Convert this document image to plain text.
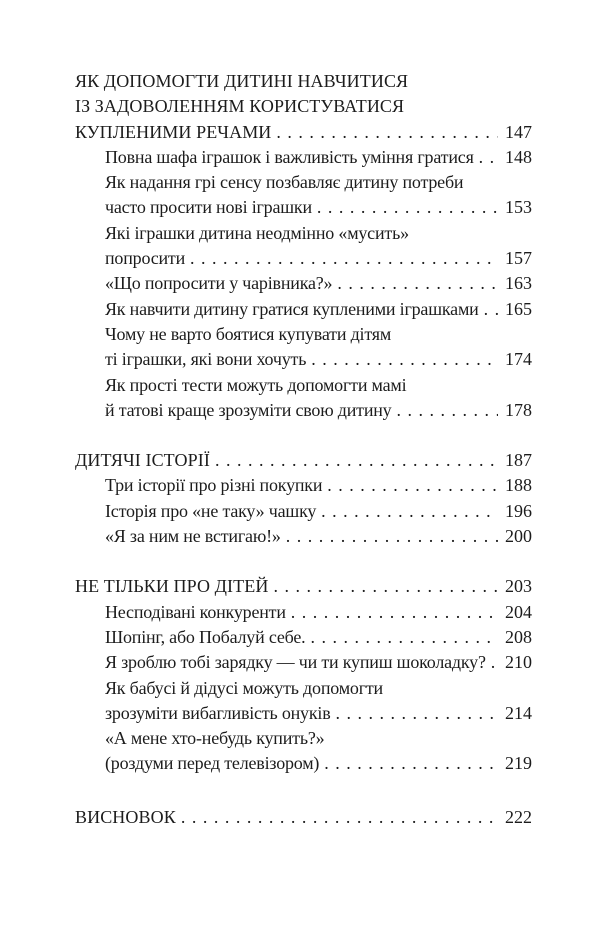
ЯК ДОПОМОГТИ ДИТИНІ НАВЧИТИСЯ
ІЗ ЗАДОВОЛЕННЯМ КОРИСТУВАТИСЯ
КУПЛЕНИМИ РЕЧАМИ . . .	147
Повна шафа іграшок і важливість уміння гратися . . . 148
Як надання грі сенсу позбавляє дитину потреби
часто просити нові іграшки . . .	153
Які іграшки дитина неодмінно «мусить»
попросити . . .	157
«Що попросити у чарівника?» . . .	163
Як навчити дитину гратися купленими іграшками . . . 165
Чому не варто боятися купувати дітям
ті іграшки, які вони хочуть . . .	174
Як прості тести можуть допомогти мамі
й татові краще зрозуміти свою дитину . . .	178
ДИТЯЧІ ІСТОРІЇ . . .	187
Три історії про різні покупки . . .	188
Історія про «не таку» чашку . . .	196
«Я за ним не встигаю!» . . .	200
НЕ ТІЛЬКИ ПРО ДІТЕЙ . . .	203
Несподівані конкуренти . . .	204
Шопінг, або Побалуй себе. . . .	208
Я зроблю тобі зарядку — чи ти купиш шоколадку? . . . 210
Як бабусі й дідусі можуть допомогти
зрозуміти вибагливість онуків . . .	214
«А мене хто-небудь купить?»
(роздуми перед телевізором) . . .	219
ВИСНОВОК . . .	222
